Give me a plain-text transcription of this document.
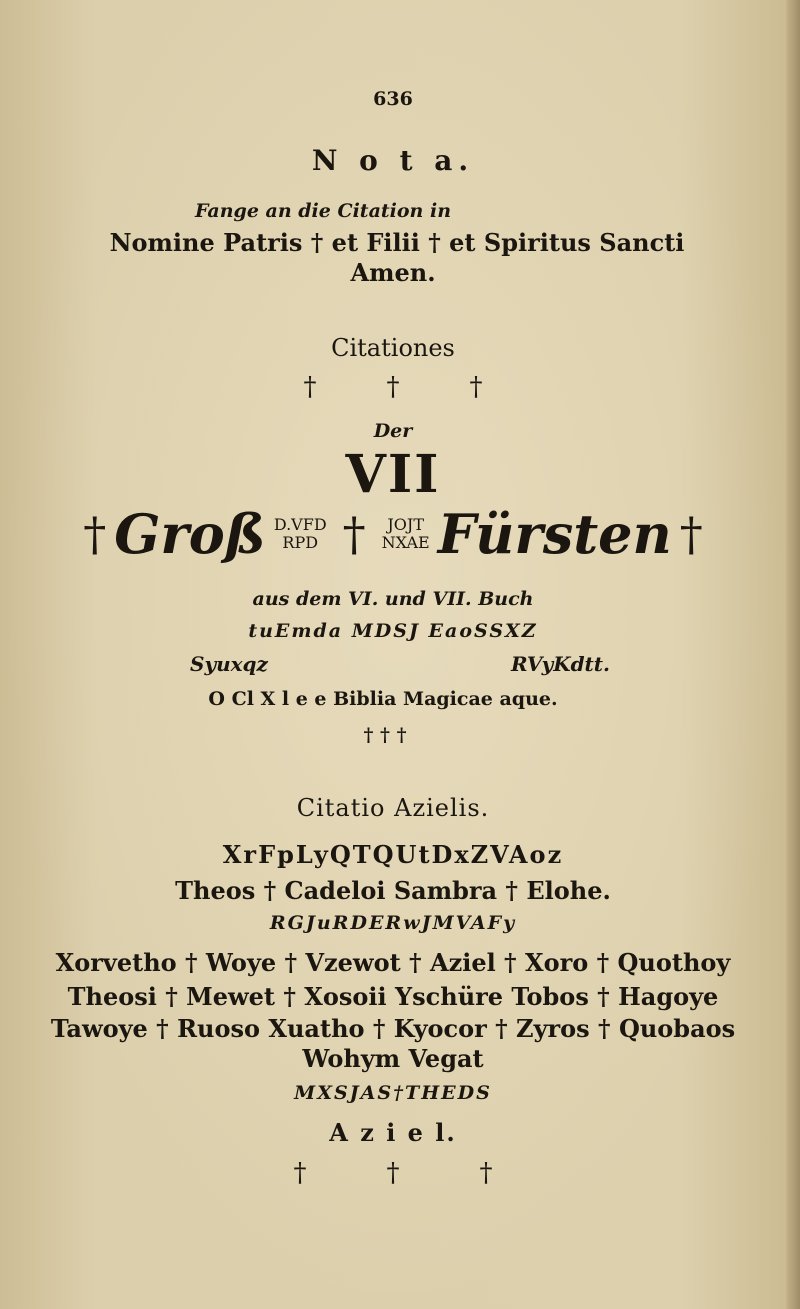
636
N o t a.
Fange an die Citation in
Nomine Patris † et Filii † et Spiritus Sancti
Amen.
Citationes
†	†	†
Der
VII
† Groß D.VFD
RPD † JOJT
NXAE Fürsten †
aus dem VI. und VII. Buch
tuEmda MDSJ EaoSSXZ
Syuxqz	RVyKdtt.
O Cl X l e e Biblia Magicae aque.
† † †
Citatio Azielis.
XrFpLyQTQUtDxZVAoz
Theos † Cadeloi Sambra † Elohe.
RGJuRDERwJMVAFy
Xorvetho † Woye † Vzewot † Aziel † Xoro † Quothoy
Theosi † Mewet † Xosoii Yschüre Tobos † Hagoye
Tawoye † Ruoso Xuatho † Kyocor † Zyros † Quobaos
Wohym Vegat
MXSJAS†THEDS
A z i e l.
†	†	†
